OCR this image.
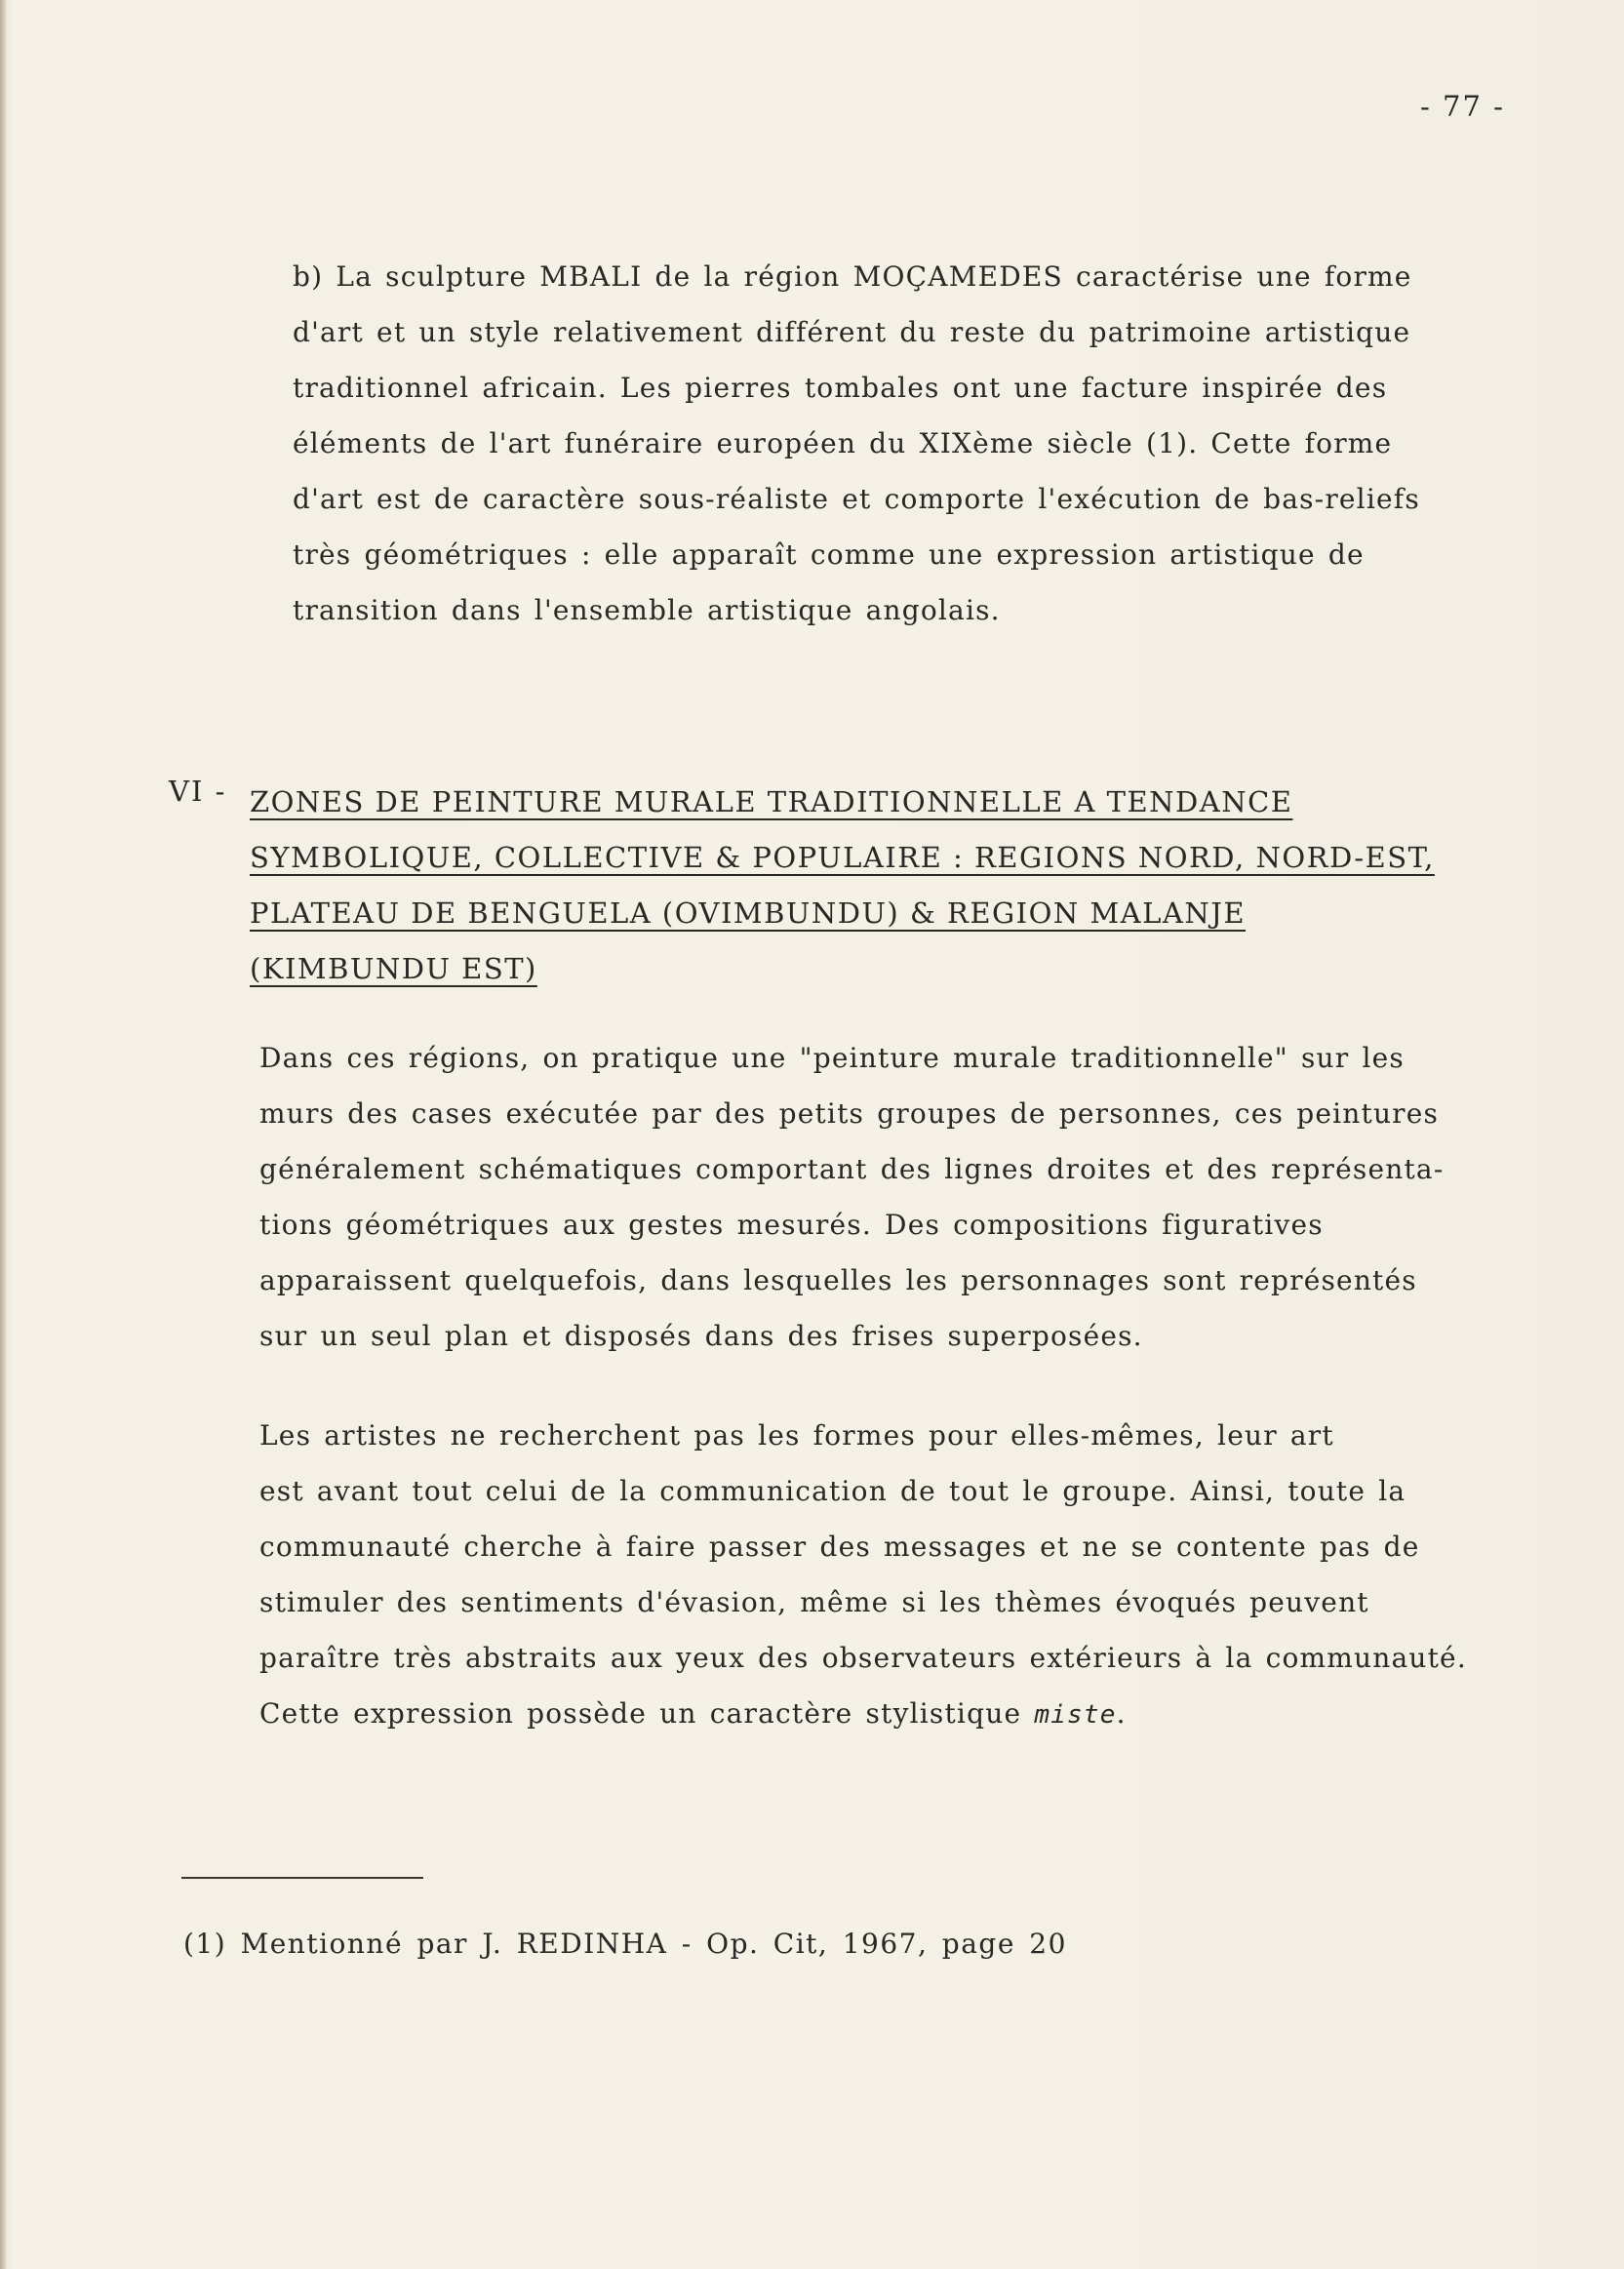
- 77 -
b) La sculpture MBALI de la région MOÇAMEDES caractérise une forme
d'art et un style relativement différent du reste du patrimoine artistique
traditionnel africain. Les pierres tombales ont une facture inspirée des
éléments de l'art funéraire européen du XIXème siècle (1). Cette forme
d'art est de caractère sous-réaliste et comporte l'exécution de bas-reliefs
très géométriques : elle apparaît comme une expression artistique de
transition dans l'ensemble artistique angolais.
VI - ZONES DE PEINTURE MURALE TRADITIONNELLE A TENDANCE
SYMBOLIQUE, COLLECTIVE & POPULAIRE : REGIONS NORD, NORD-EST,
PLATEAU DE BENGUELA (OVIMBUNDU) & REGION MALANJE
(KIMBUNDU EST)
Dans ces régions, on pratique une "peinture murale traditionnelle" sur les
murs des cases exécutée par des petits groupes de personnes, ces peintures
généralement schématiques comportant des lignes droites et des représenta-
tions géométriques aux gestes mesurés. Des compositions figuratives
apparaissent quelquefois, dans lesquelles les personnages sont représentés
sur un seul plan et disposés dans des frises superposées.
Les artistes ne recherchent pas les formes pour elles-mêmes, leur art
est avant tout celui de la communication de tout le groupe. Ainsi, toute la
communauté cherche à faire passer des messages et ne se contente pas de
stimuler des sentiments d'évasion, même si les thèmes évoqués peuvent
paraître très abstraits aux yeux des observateurs extérieurs à la communauté.
Cette expression possède un caractère stylistique miste.
(1) Mentionné par J. REDINHA - Op. Cit, 1967, page 20
